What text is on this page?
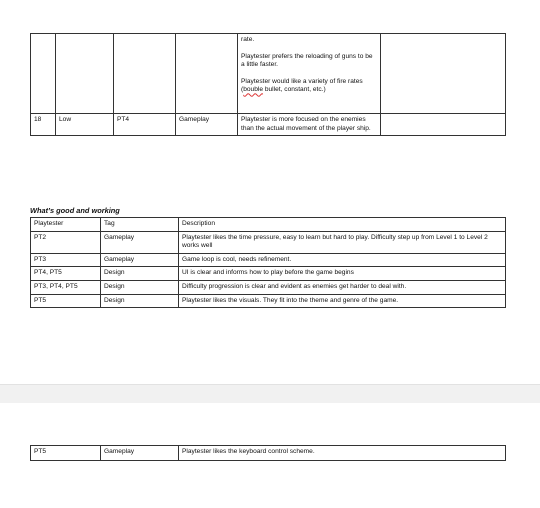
				rate.

Playtester prefers the reloading of guns to be a little faster.

Playtester would like a variety of fire rates (bouble bullet, constant, etc.)	

18	Low	PT4	Gameplay	Playtester is more focused on the enemies than the actual movement of the player ship.	
What’s good and working
Playtester	Tag	Description
PT2	Gameplay	Playtester likes the time pressure, easy to learn but hard to play. Difficulty step up from Level 1 to Level 2 works well
PT3	Gameplay	Game loop is cool, needs refinement.
PT4, PT5	Design	UI is clear and informs how to play before the game begins
PT3, PT4, PT5	Design	Difficulty progression is clear and evident as enemies get harder to deal with.
PT5	Design	Playtester likes the visuals. They fit into the theme and genre of the game.
PT5	Gameplay	Playtester likes the keyboard control scheme.
